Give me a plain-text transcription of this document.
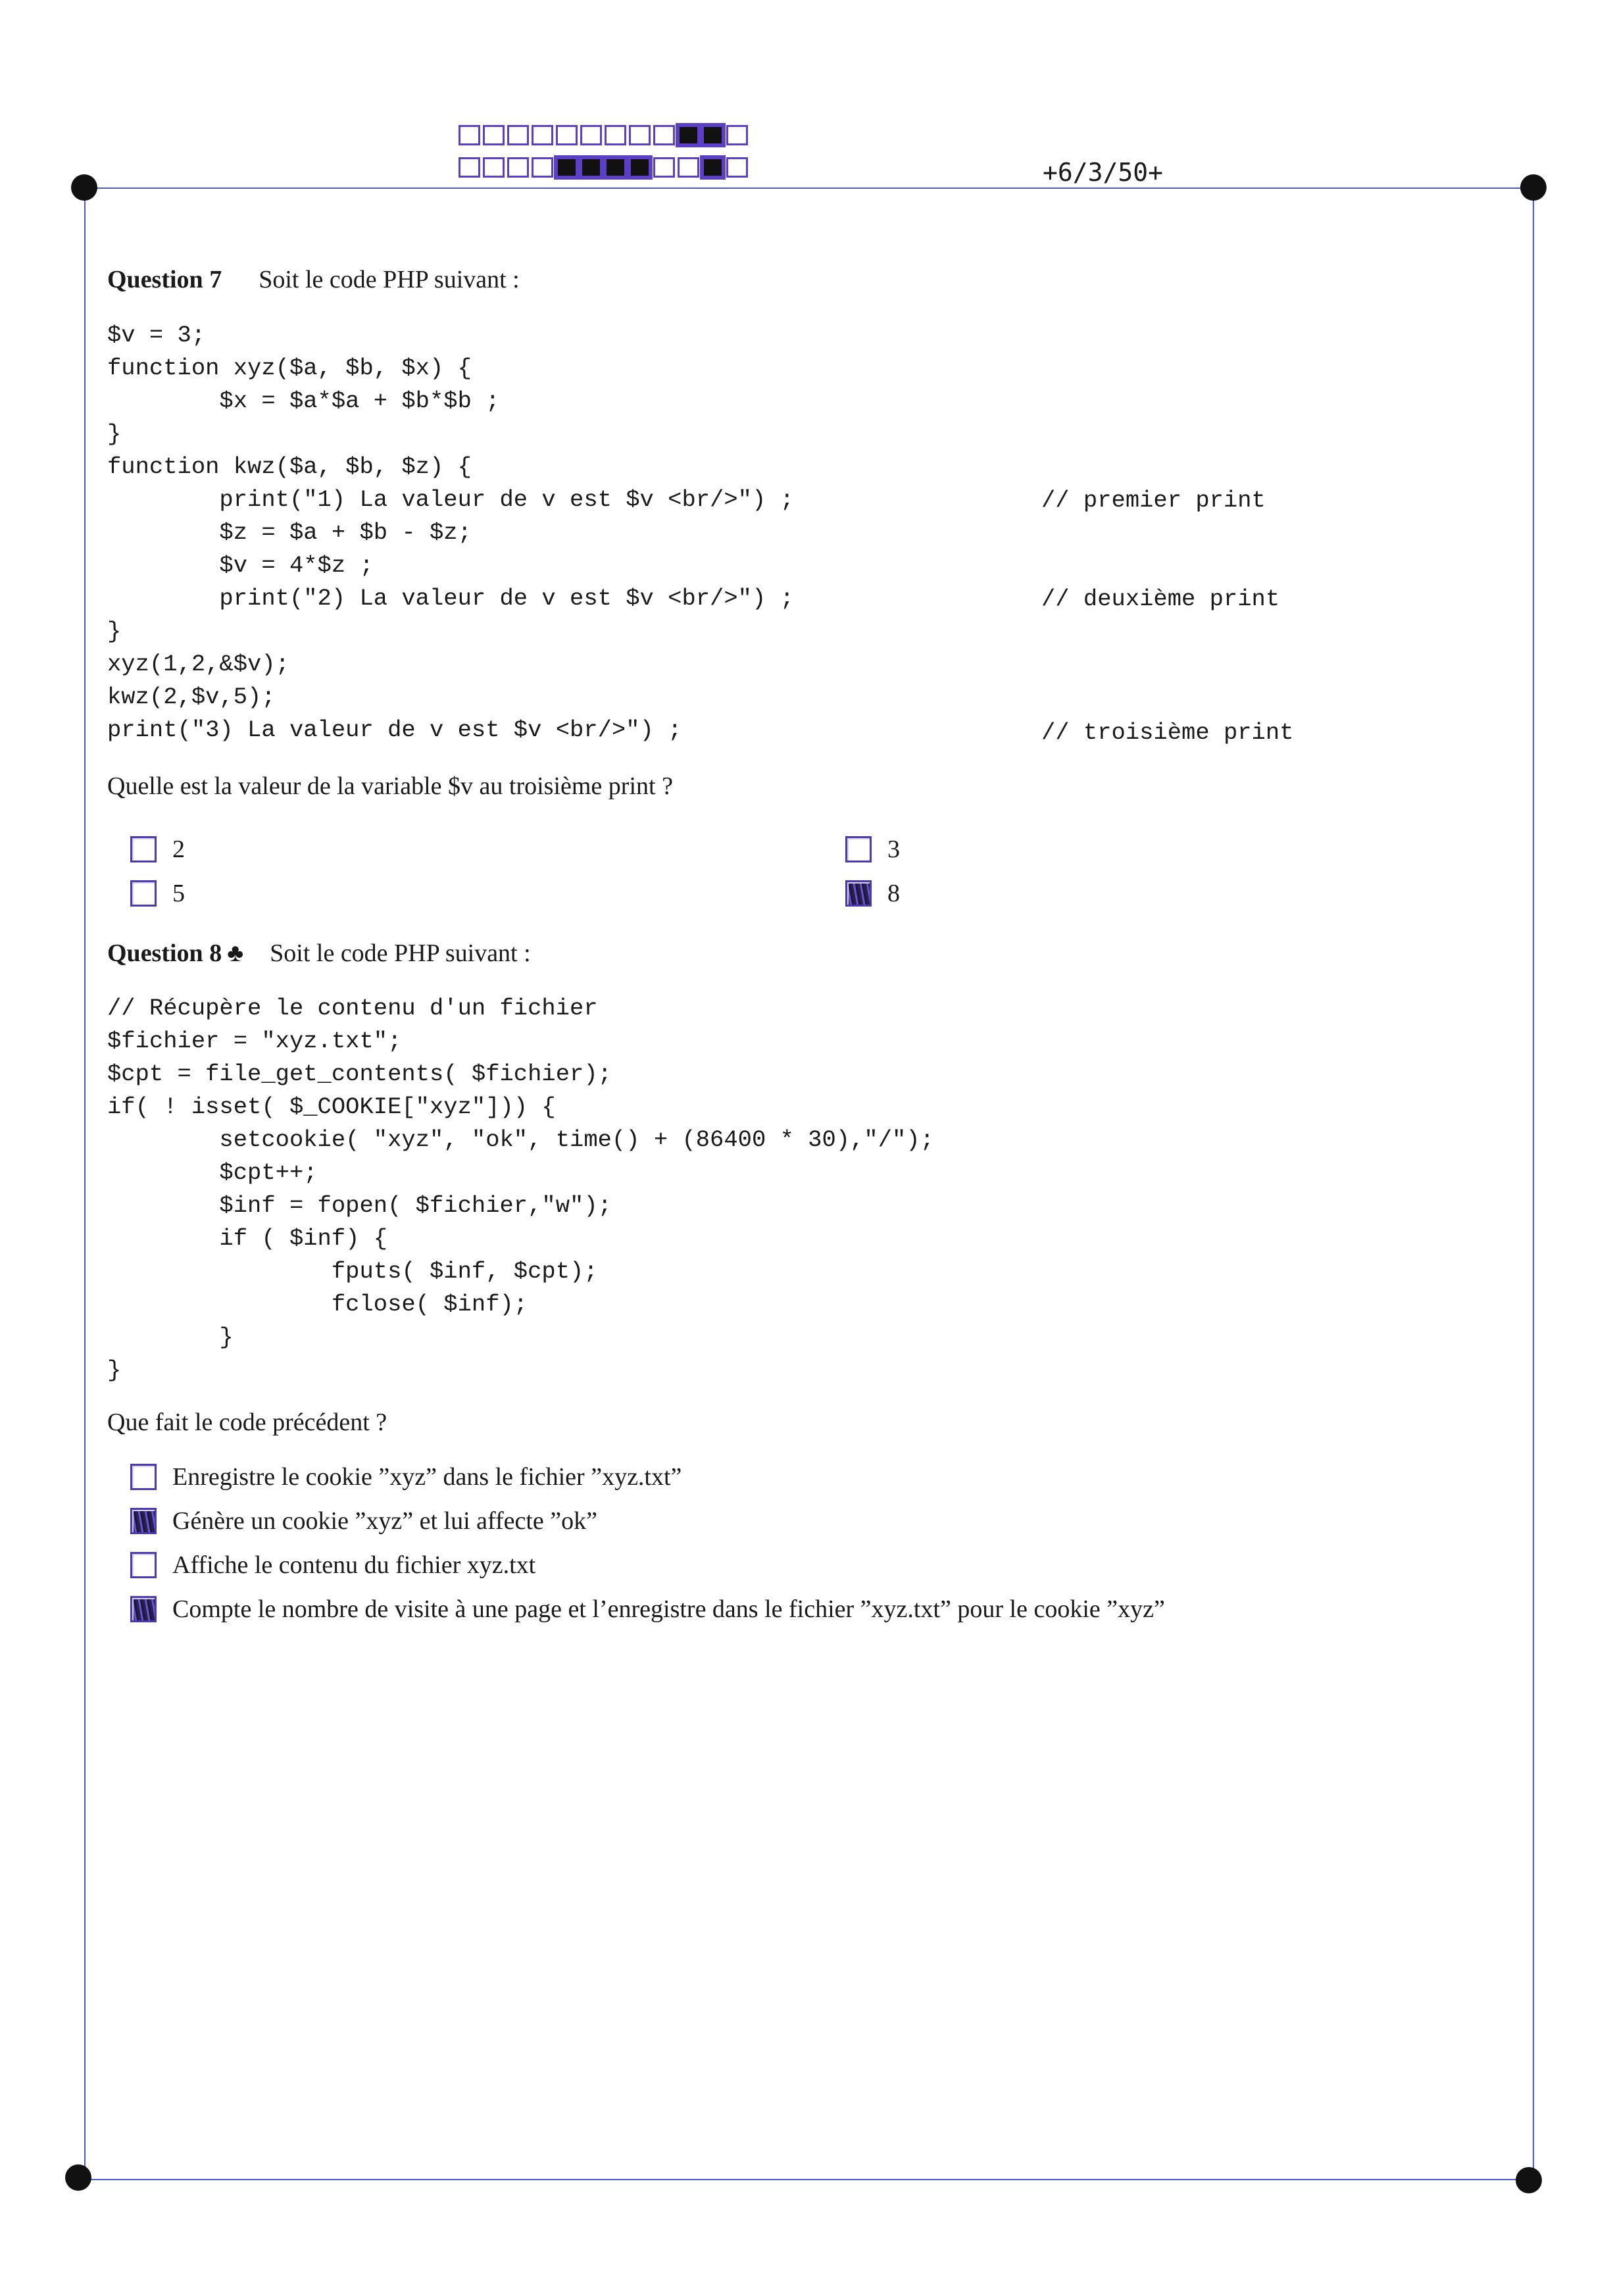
+6/3/50+
Question 7 Soit le code PHP suivant :
$v = 3;
function xyz($a, $b, $x) {
$x = $a*$a + $b*$b ;
}
function kwz($a, $b, $z) {
print("1) La valeur de v est $v <br/>") ;
$z = $a + $b - $z;
$v = 4*$z ;
print("2) La valeur de v est $v <br/>") ;
}
xyz(1,2,&$v);
kwz(2,$v,5);
print("3) La valeur de v est $v <br/>") ;
// premier print
// deuxième print
// troisième print
Quelle est la valeur de la variable $v au troisième print ?
2	3
5	8
Question 8 ♣ Soit le code PHP suivant :
// Récupère le contenu d'un fichier
$fichier = "xyz.txt";
$cpt = file_get_contents( $fichier);
if( ! isset( $_COOKIE["xyz"])) {
setcookie( "xyz", "ok", time() + (86400 * 30),"/");
$cpt++;
$inf = fopen( $fichier,"w");
if ( $inf) {
fputs( $inf, $cpt);
fclose( $inf);
}
}
Que fait le code précédent ?
Enregistre le cookie ”xyz” dans le fichier ”xyz.txt”
Génère un cookie ”xyz” et lui affecte ”ok”
Affiche le contenu du fichier xyz.txt
Compte le nombre de visite à une page et l’enregistre dans le fichier ”xyz.txt” pour le cookie ”xyz”
